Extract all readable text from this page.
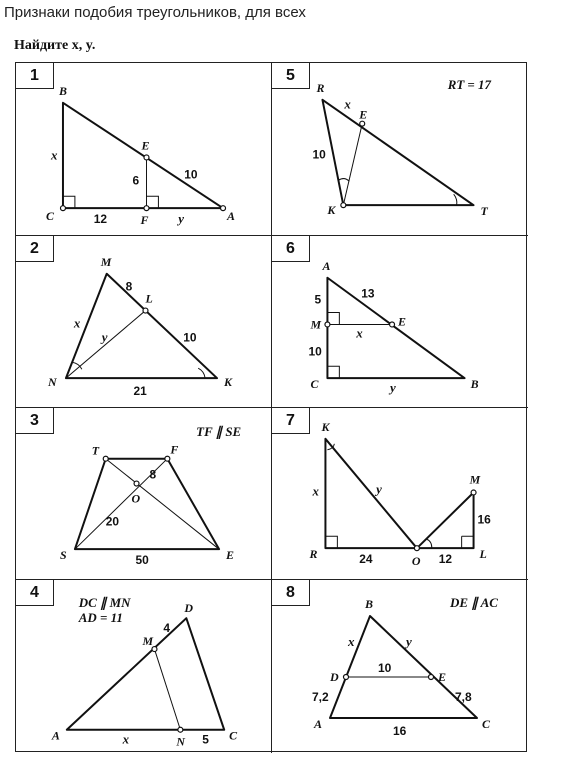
Признаки подобия треугольников, для всех
Найдите x, y.
1
B
E
C	F	A
x
6	10
12	y
5
RT = 17
R
E
K	T
x
10
2
M
L
N	K
8
x
y	10
21
6
A
M	E
C	B
5	13
x
10
y
3
TF ∥ SE
T	F
O
S	E
8
20
50
7	K
M
R	O	L
x	y
16
24	12
4
DC ∥ MN
AD = 11
D
M
A	N	C
4
x	5
8
DE ∥ AC
B
D	E
A	C
x	y
10
7,2	7,8
16
